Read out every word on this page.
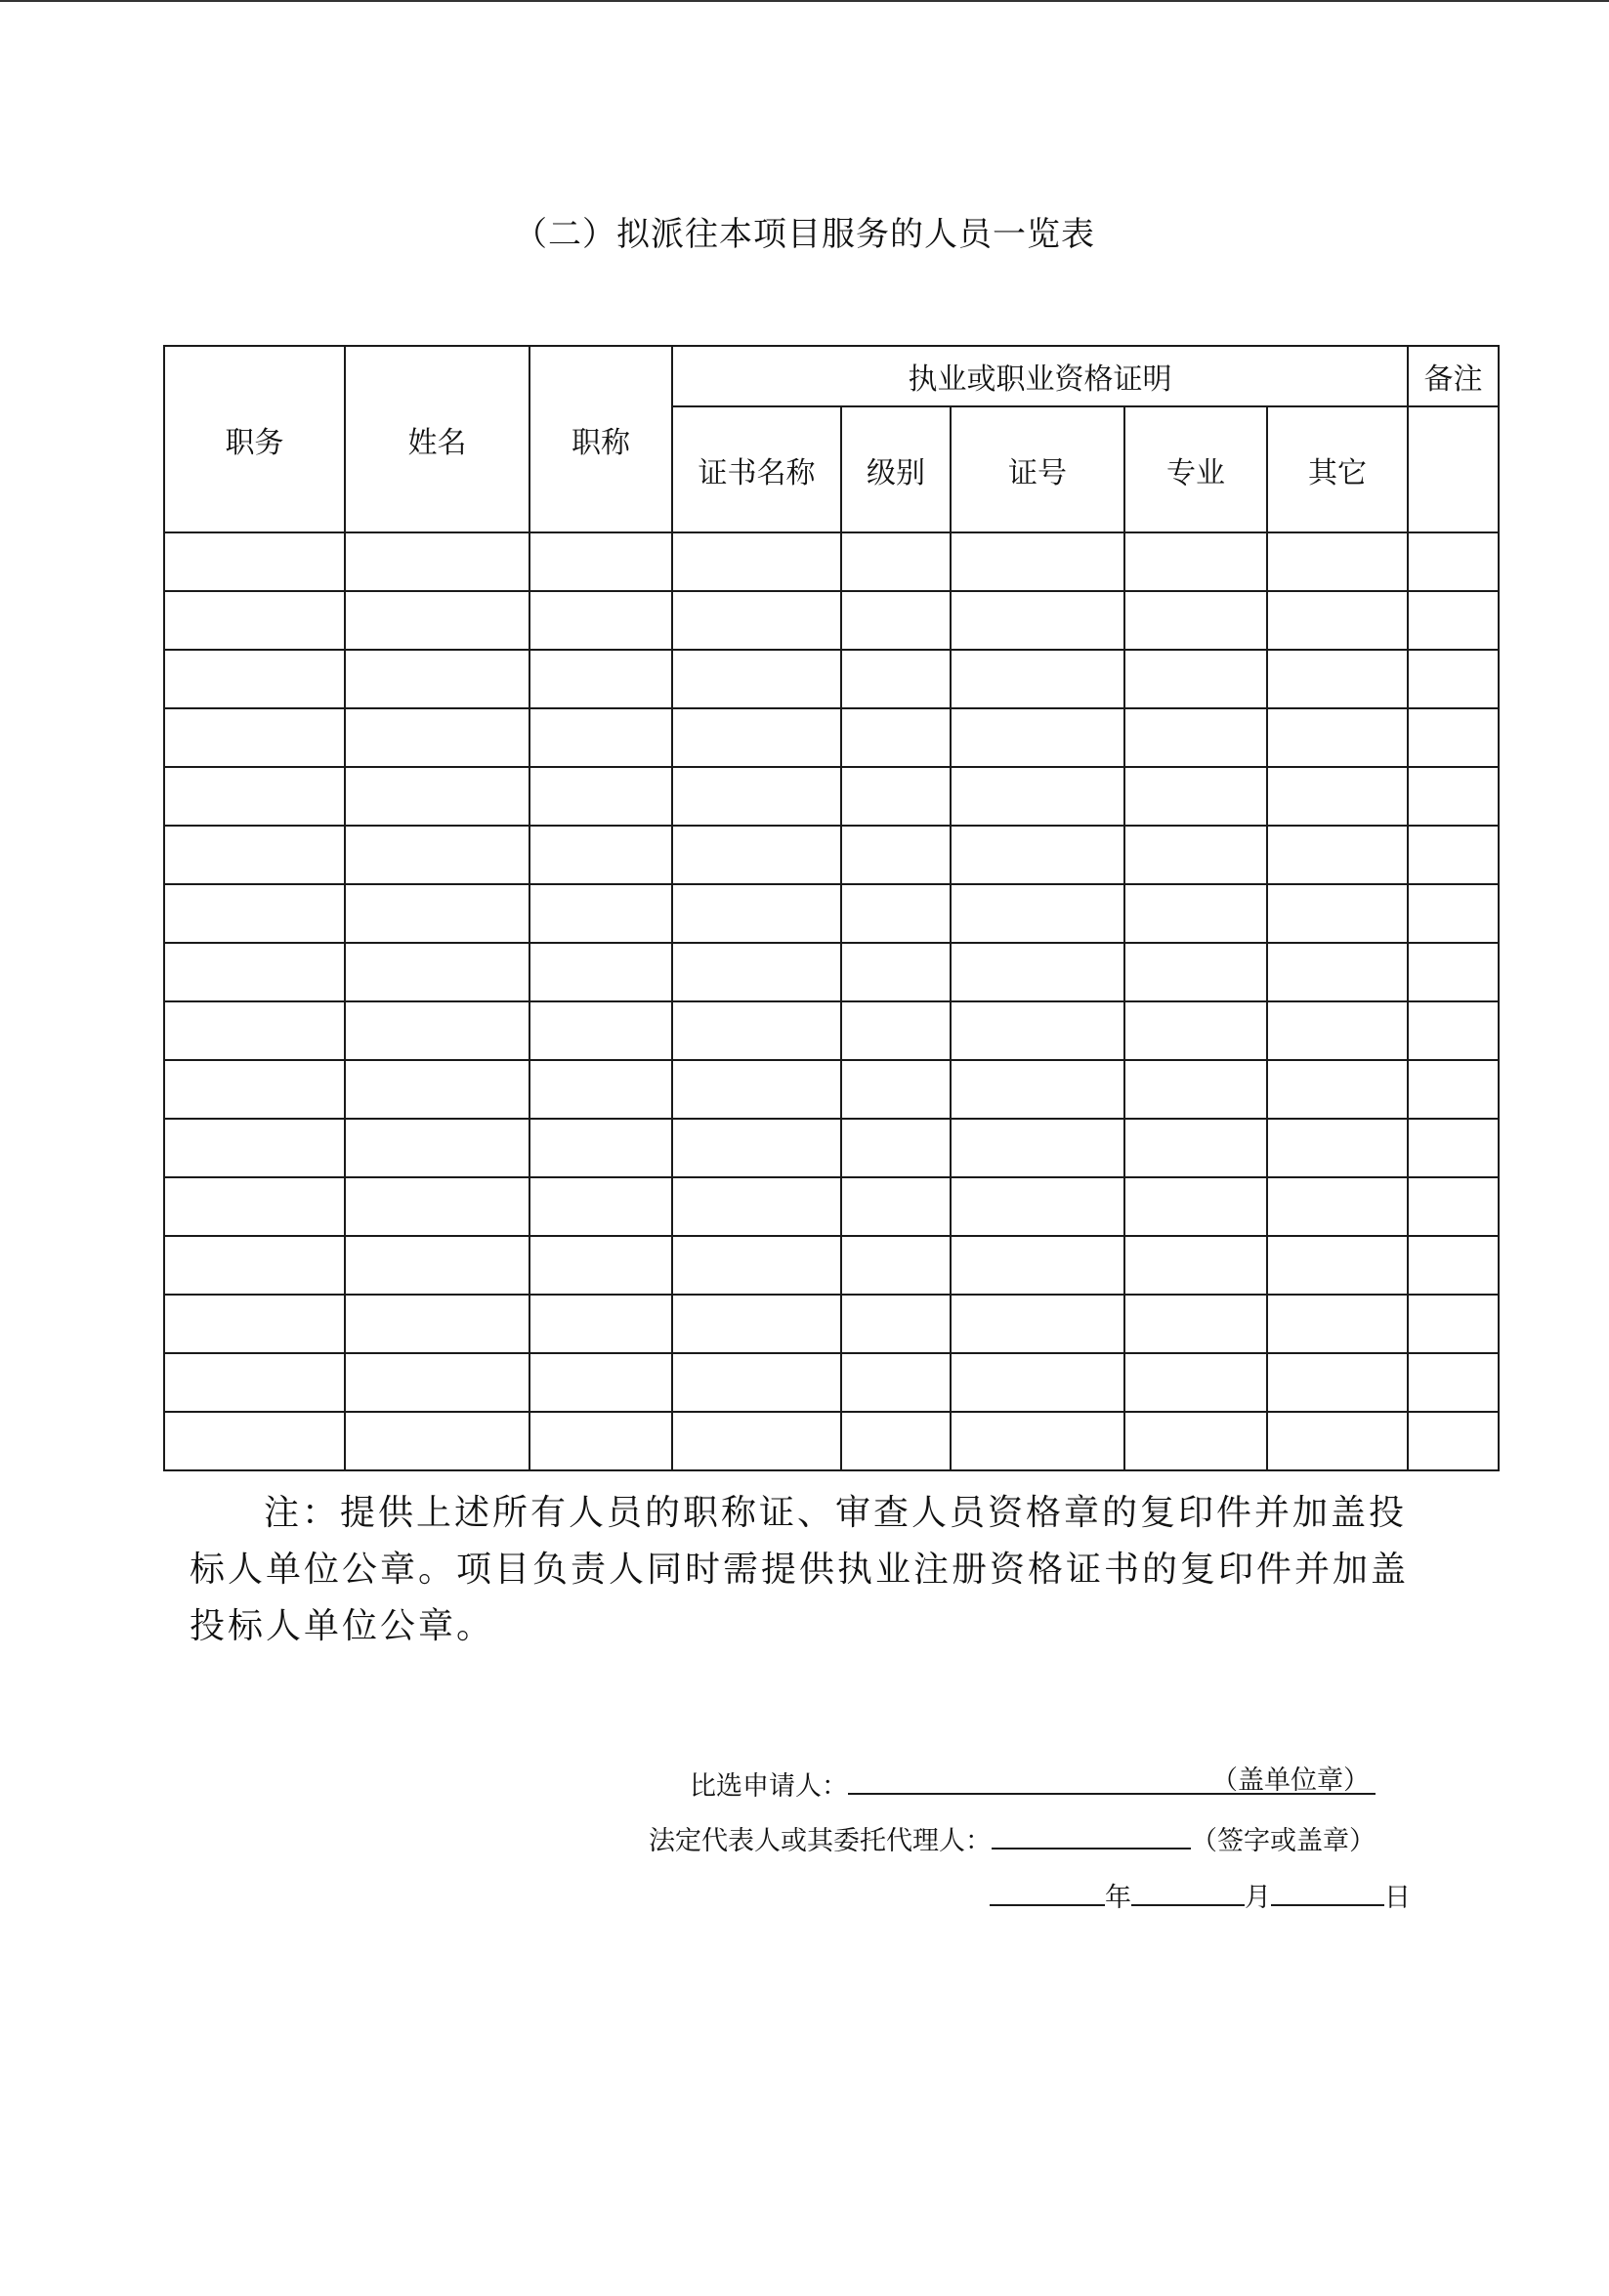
（二）拟派往本项目服务的人员一览表
职务	姓名	职称	执业或职业资格证明					备注
			证书名称	级别	证号	专业	其它	

注：提供上述所有人员的职称证、审查人员资格章的复印件并加盖投
标人单位公章。项目负责人同时需提供执业注册资格证书的复印件并加盖
投标人单位公章。
比选申请人：	（盖单位章）
法定代表人或其委托代理人：	（签字或盖章）
年	月	日
